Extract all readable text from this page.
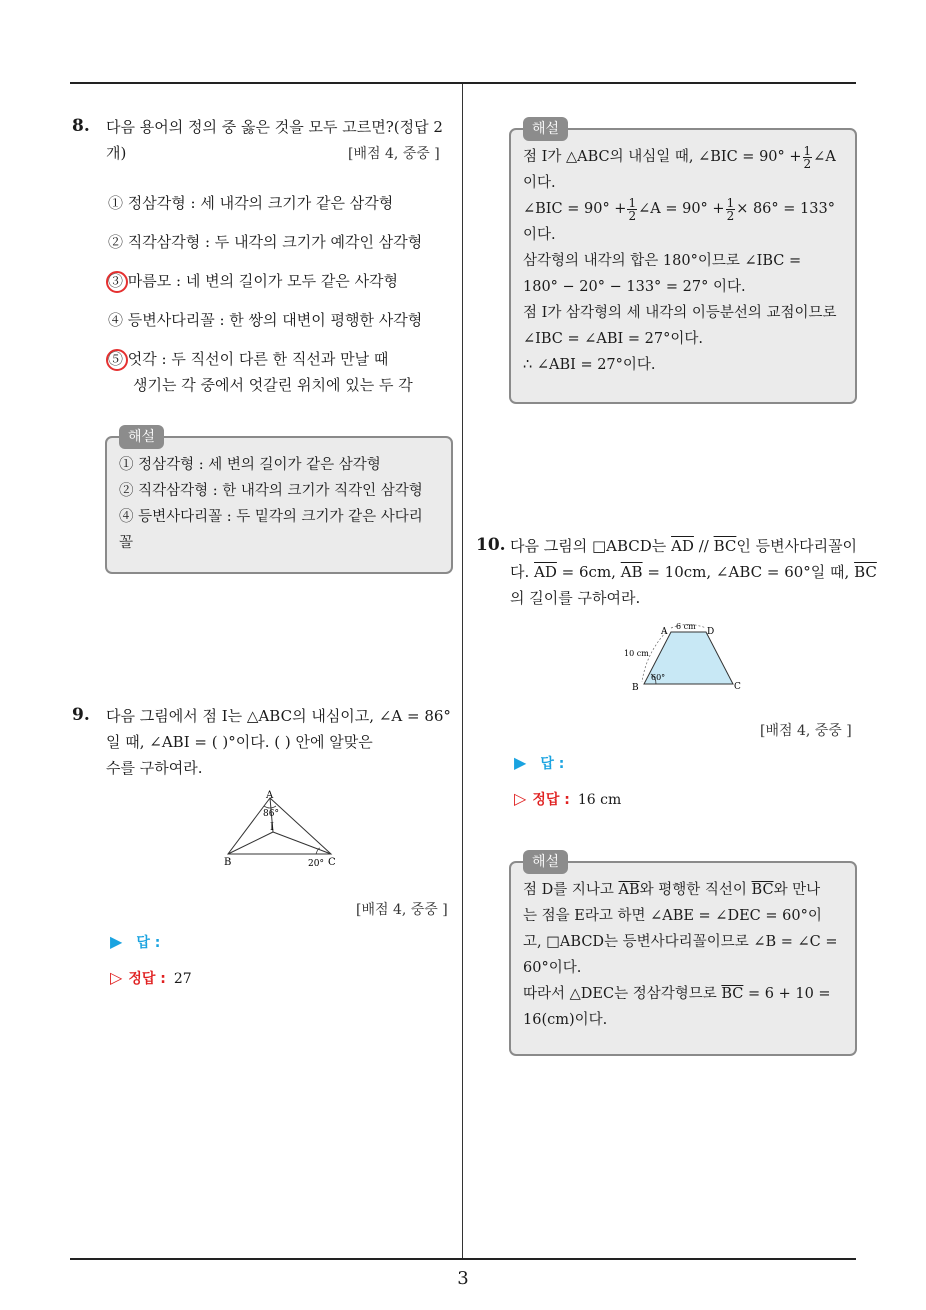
8. 다음 용어의 정의 중 옳은 것을 모두 고르면?(정답 2
개)	[배점 4, 중중 ]
① 정삼각형 : 세 내각의 크기가 같은 삼각형
② 직각삼각형 : 두 내각의 크기가 예각인 삼각형
③ 마름모 : 네 변의 길이가 모두 같은 사각형
④ 등변사다리꼴 : 한 쌍의 대변이 평행한 사각형
⑤ 엇각 : 두 직선이 다른 한 직선과 만날 때
생기는 각 중에서 엇갈린 위치에 있는 두 각
해설
① 정삼각형 : 세 변의 길이가 같은 삼각형
② 직각삼각형 : 한 내각의 크기가 직각인 삼각형
④ 등변사다리꼴 : 두 밑각의 크기가 같은 사다리
꼴
9. 다음 그림에서 점 I는 △ABC의 내심이고, ∠A = 86°
일 때, ∠ABI = ( )°이다. ( ) 안에 알맞은
수를 구하여라.
A
86°
I
B	20° C
[배점 4, 중중 ]
▶ 답 :
▷ 정답 : 27
해설
점 I가 △ABC의 내심일 때, ∠BIC = $90^\circ + \frac{1}{2}$ ∠A
이다.
∠BIC = $90^\circ + \frac{1}{2}$ ∠A = $90^\circ + \frac{1}{2} \times 86^\circ = 133^\circ$
이다.
삼각형의 내각의 합은 180°이므로 ∠IBC =
180° − 20° − 133° = 27° 이다.
점 I가 삼각형의 세 내각의 이등분선의 교점이므로
∠IBC = ∠ABI = 27°이다.
∴ ∠ABI = 27°이다.
10. 다음 그림의 □ABCD는 $\overline{AD} // \overline{BC}$인 등변사다리꼴이
다. $\overline{AD} = 6cm$, $\overline{AB} = 10cm$, ∠ABC = 60°일 때, $\overline{BC}$
의 길이를 구하여라.
A	D
6 cm
10 cm
60°
B	C
[배점 4, 중중 ]
▶ 답 :
▷ 정답 : 16 cm
해설
점 D를 지나고 $\overline{AB}$와 평행한 직선이 $\overline{BC}$와 만나
는 점을 E라고 하면 ∠ABE = ∠DEC = 60°이
고, □ABCD는 등변사다리꼴이므로 ∠B = ∠C =
60°이다.
따라서 △DEC는 정삼각형므로 $\overline{BC} = 6 + 10$ =
16(cm)이다.
3
